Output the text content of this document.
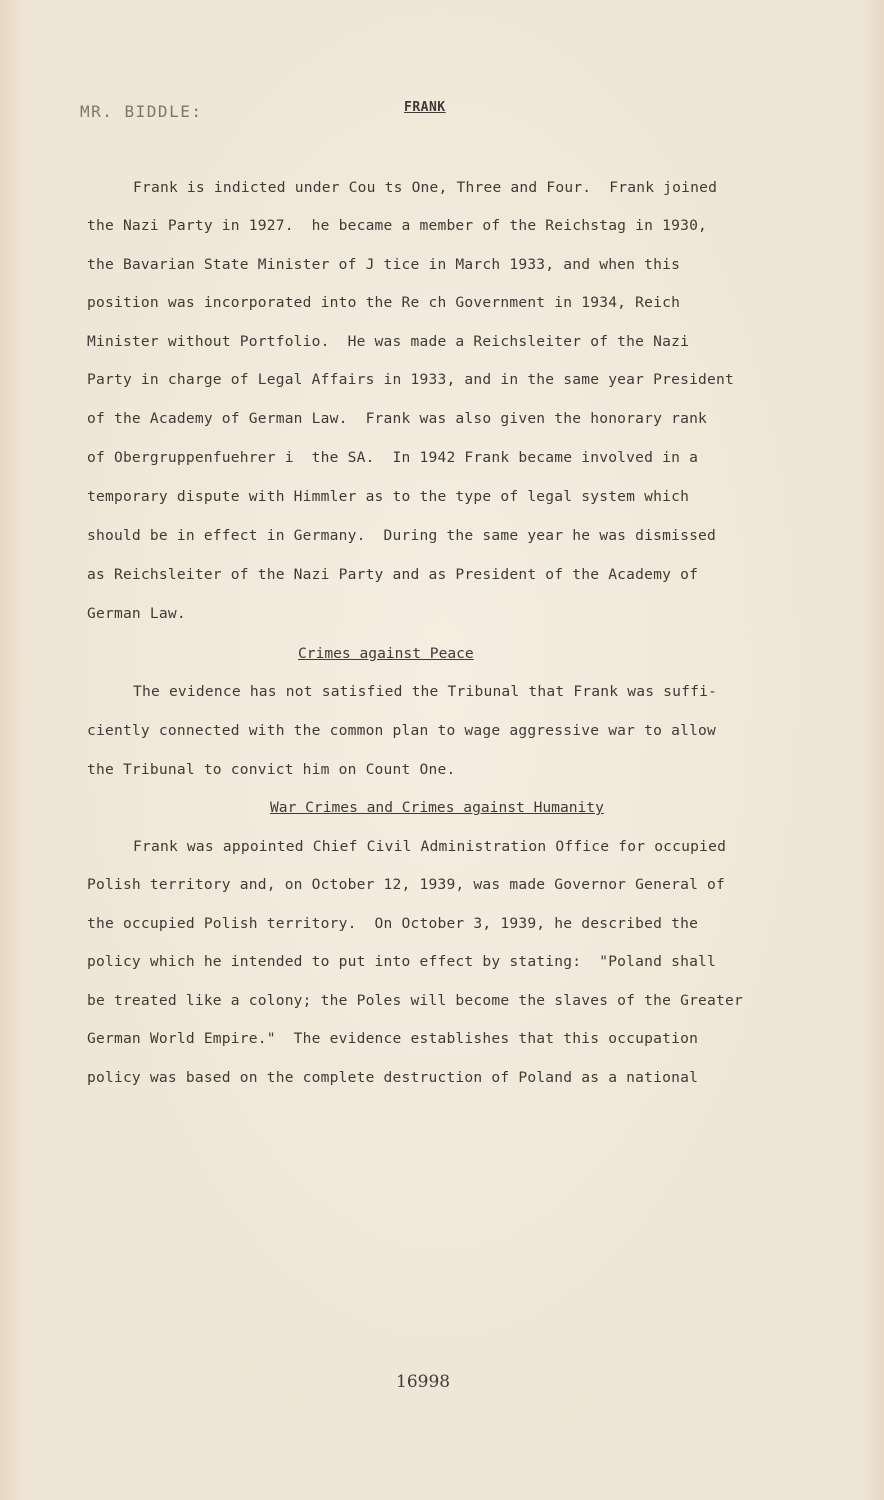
MR. BIDDLE:	FRANK
Frank is indicted under Cou ts One, Three and Four.  Frank joined
the Nazi Party in 1927.  he became a member of the Reichstag in 1930,
the Bavarian State Minister of J tice in March 1933, and when this
position was incorporated into the Re ch Government in 1934, Reich
Minister without Portfolio.  He was made a Reichsleiter of the Nazi
Party in charge of Legal Affairs in 1933, and in the same year President
of the Academy of German Law.  Frank was also given the honorary rank
of Obergruppenfuehrer i  the SA.  In 1942 Frank became involved in a
temporary dispute with Himmler as to the type of legal system which
should be in effect in Germany.  During the same year he was dismissed
as Reichsleiter of the Nazi Party and as President of the Academy of
German Law.
Crimes against Peace
The evidence has not satisfied the Tribunal that Frank was suffi-
ciently connected with the common plan to wage aggressive war to allow
the Tribunal to convict him on Count One.
War Crimes and Crimes against Humanity
Frank was appointed Chief Civil Administration Office for occupied
Polish territory and, on October 12, 1939, was made Governor General of
the occupied Polish territory.  On October 3, 1939, he described the
policy which he intended to put into effect by stating:  "Poland shall
be treated like a colony; the Poles will become the slaves of the Greater
German World Empire."  The evidence establishes that this occupation
policy was based on the complete destruction of Poland as a national
16998
